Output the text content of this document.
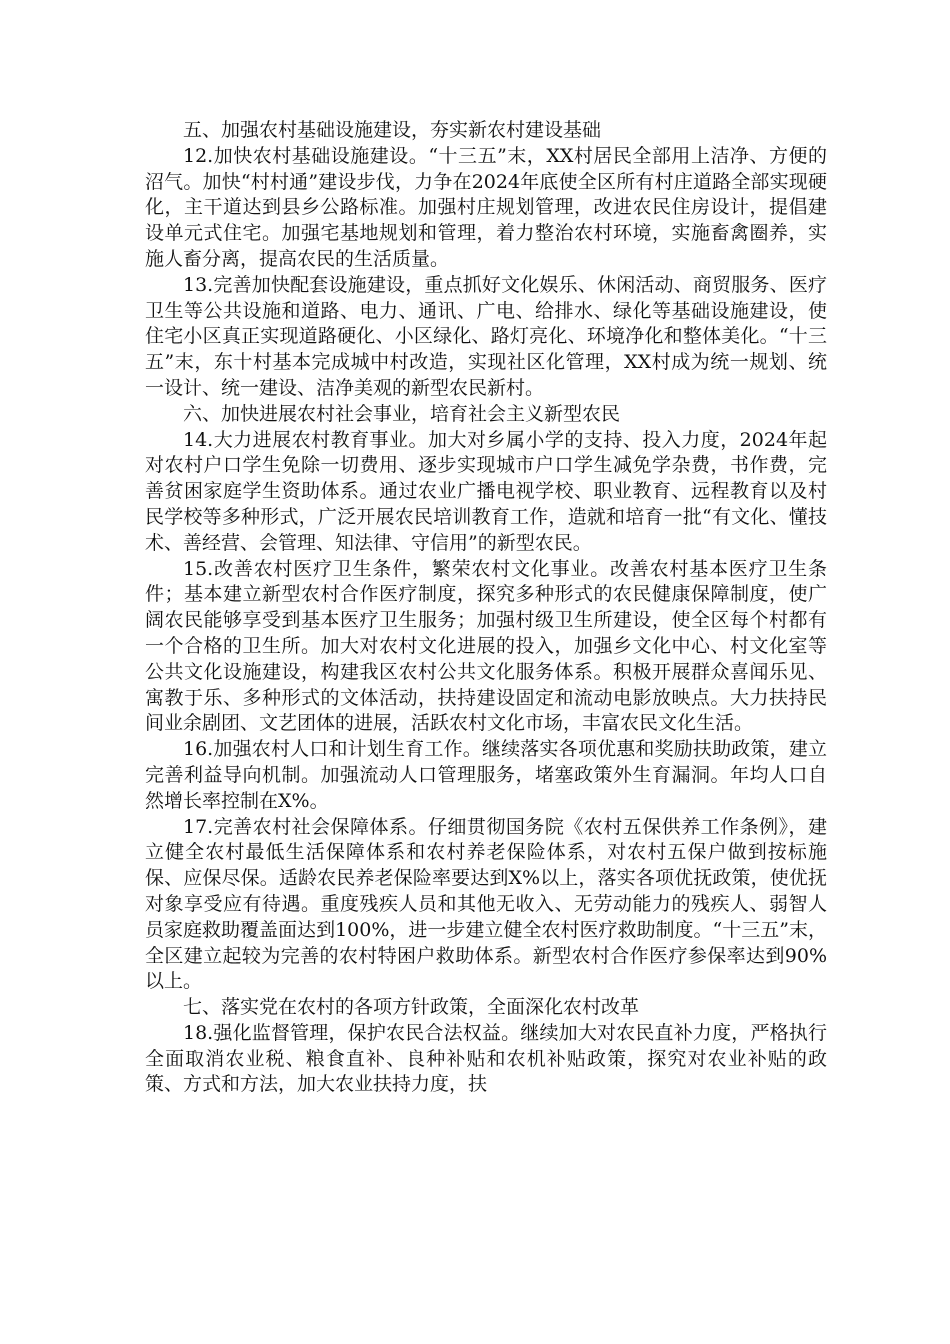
五、加强农村基础设施建设，夯实新农村建设基础

12.加快农村基础设施建设。“十三五”末，XX村居民全部用上洁净、方便的沼气。加快“村村通”建设步伐，力争在2024年底使全区所有村庄道路全部实现硬化，主干道达到县乡公路标准。加强村庄规划管理，改进农民住房设计，提倡建设单元式住宅。加强宅基地规划和管理，着力整治农村环境，实施畜禽圈养，实施人畜分离，提高农民的生活质量。

13.完善加快配套设施建设，重点抓好文化娱乐、休闲活动、商贸服务、医疗卫生等公共设施和道路、电力、通讯、广电、给排水、绿化等基础设施建设，使住宅小区真正实现道路硬化、小区绿化、路灯亮化、环境净化和整体美化。“十三五”末，东十村基本完成城中村改造，实现社区化管理，XX村成为统一规划、统一设计、统一建设、洁净美观的新型农民新村。

六、加快进展农村社会事业，培育社会主义新型农民

14.大力进展农村教育事业。加大对乡属小学的支持、投入力度，2024年起对农村户口学生免除一切费用、逐步实现城市户口学生减免学杂费，书作费，完善贫困家庭学生资助体系。通过农业广播电视学校、职业教育、远程教育以及村民学校等多种形式，广泛开展农民培训教育工作，造就和培育一批“有文化、懂技术、善经营、会管理、知法律、守信用”的新型农民。

15.改善农村医疗卫生条件，繁荣农村文化事业。改善农村基本医疗卫生条件；基本建立新型农村合作医疗制度，探究多种形式的农民健康保障制度，使广阔农民能够享受到基本医疗卫生服务；加强村级卫生所建设，使全区每个村都有一个合格的卫生所。加大对农村文化进展的投入，加强乡文化中心、村文化室等公共文化设施建设，构建我区农村公共文化服务体系。积极开展群众喜闻乐见、寓教于乐、多种形式的文体活动，扶持建设固定和流动电影放映点。大力扶持民间业余剧团、文艺团体的进展，活跃农村文化市场，丰富农民文化生活。

16.加强农村人口和计划生育工作。继续落实各项优惠和奖励扶助政策，建立完善利益导向机制。加强流动人口管理服务，堵塞政策外生育漏洞。年均人口自然增长率控制在X%。

17.完善农村社会保障体系。仔细贯彻国务院《农村五保供养工作条例》，建立健全农村最低生活保障体系和农村养老保险体系，对农村五保户做到按标施保、应保尽保。适龄农民养老保险率要达到X%以上，落实各项优抚政策，使优抚对象享受应有待遇。重度残疾人员和其他无收入、无劳动能力的残疾人、弱智人员家庭救助覆盖面达到100%，进一步建立健全农村医疗救助制度。“十三五”末，全区建立起较为完善的农村特困户救助体系。新型农村合作医疗参保率达到90%以上。

七、落实党在农村的各项方针政策，全面深化农村改革

18.强化监督管理，保护农民合法权益。继续加大对农民直补力度，严格执行全面取消农业税、粮食直补、良种补贴和农机补贴政策，探究对农业补贴的政策、方式和方法，加大农业扶持力度，扶
